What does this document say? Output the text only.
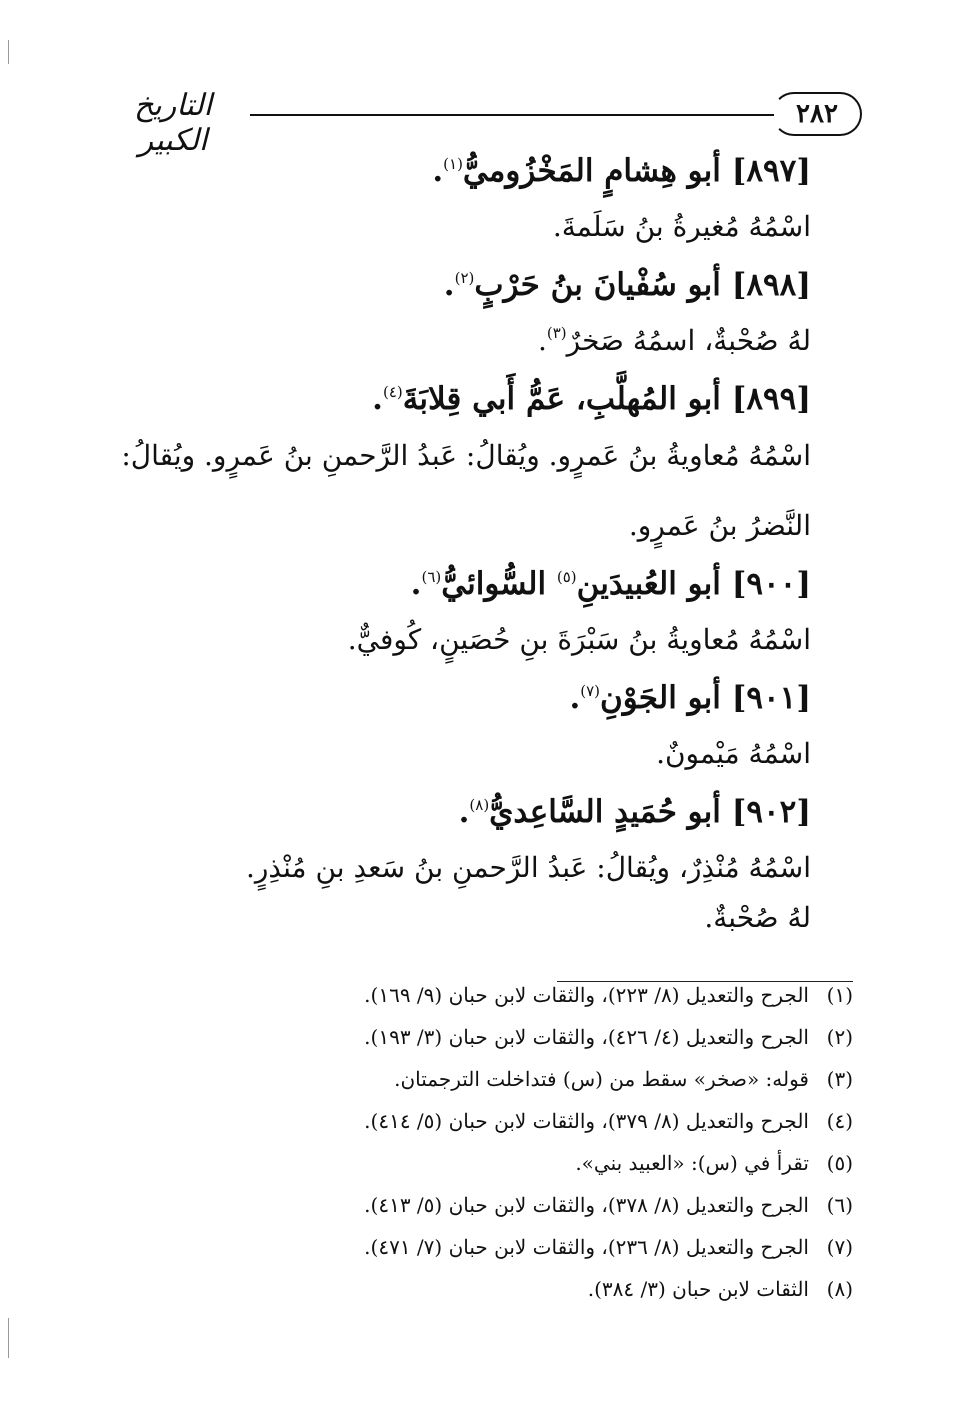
٢٨٢
التاريخ الكبير

[٨٩٧] أبو هِشامٍ المَخْزُوميُّ$^{(١)}$.

اسْمُهُ مُغيرةُ بنُ سَلَمةَ.

[٨٩٨] أبو سُفْيانَ بنُ حَرْبٍ$^{(٢)}$.

لهُ صُحْبةٌ، اسمُهُ صَخرٌ$^{(٣)}$.

[٨٩٩] أبو المُهلَّبِ، عَمُّ أَبي قِلابَةَ$^{(٤)}$.

اسْمُهُ مُعاويةُ بنُ عَمرٍو. ويُقالُ: عَبدُ الرَّحمنِ بنُ عَمرٍو. ويُقالُ: النَّضرُ بنُ عَمرٍو.

[٩٠٠] أبو العُبيدَينِ$^{(٥)}$ السُّوائيُّ$^{(٦)}$.

اسْمُهُ مُعاويةُ بنُ سَبْرَةَ بنِ حُصَينٍ، كُوفيٌّ.

[٩٠١] أبو الجَوْنِ$^{(٧)}$.

اسْمُهُ مَيْمونٌ.

[٩٠٢] أبو حُمَيدٍ السَّاعِديُّ$^{(٨)}$.

اسْمُهُ مُنْذِرٌ، ويُقالُ: عَبدُ الرَّحمنِ بنُ سَعدِ بنِ مُنْذِرٍ.

لهُ صُحْبةٌ.

(١)
الجرح والتعديل (٨/ ٢٢٣)، والثقات لابن حبان (٩/ ١٦٩).

(٢)
الجرح والتعديل (٤/ ٤٢٦)، والثقات لابن حبان (٣/ ١٩٣).

(٣)
قوله: «صخر» سقط من (س) فتداخلت الترجمتان.

(٤)
الجرح والتعديل (٨/ ٣٧٩)، والثقات لابن حبان (٥/ ٤١٤).

(٥)
تقرأ في (س): «العبيد بني».

(٦)
الجرح والتعديل (٨/ ٣٧٨)، والثقات لابن حبان (٥/ ٤١٣).

(٧)
الجرح والتعديل (٨/ ٢٣٦)، والثقات لابن حبان (٧/ ٤٧١).

(٨)
الثقات لابن حبان (٣/ ٣٨٤).
